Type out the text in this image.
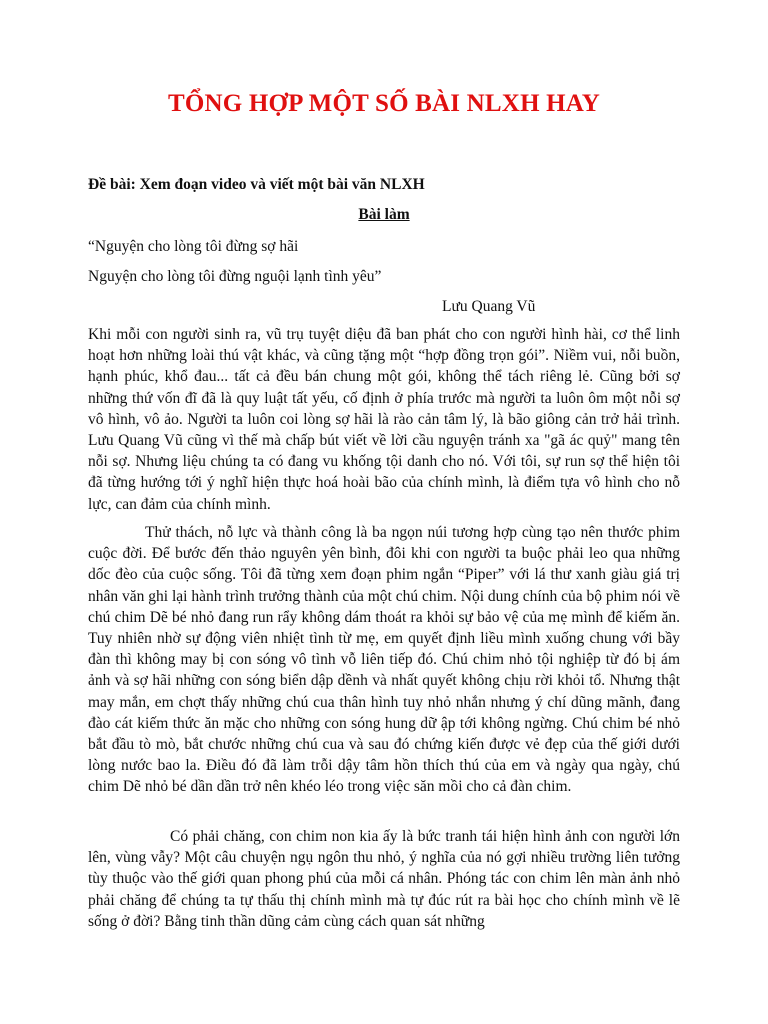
TỔNG HỢP MỘT SỐ BÀI NLXH HAY
Đề bài: Xem đoạn video và viết một bài văn NLXH
Bài làm
“Nguyện cho lòng tôi đừng sợ hãi
Nguyện cho lòng tôi đừng nguội lạnh tình yêu”
Lưu Quang Vũ

Khi mỗi con người sinh ra, vũ trụ tuyệt diệu đã ban phát cho con người hình hài, cơ thể linh hoạt hơn những loài thú vật khác, và cũng tặng một “hợp đồng trọn gói”. Niềm vui, nỗi buồn, hạnh phúc, khổ đau... tất cả đều bán chung một gói, không thể tách riêng lẻ. Cũng bởi sợ những thứ vốn đĩ đã là quy luật tất yếu, cố định ở phía trước mà người ta luôn ôm một nỗi sợ vô hình, vô ảo. Người ta luôn coi lòng sợ hãi là rào cản tâm lý, là bão giông cản trở hải trình. Lưu Quang Vũ cũng vì thế mà chấp bút viết về lời cầu nguyện tránh xa "gã ác quỷ" mang tên nỗi sợ. Nhưng liệu chúng ta có đang vu khống tội danh cho nó. Với tôi, sự run sợ thể hiện tôi đã từng hướng tới ý nghĩ hiện thực hoá hoài bão của chính mình, là điểm tựa vô hình cho nỗ lực, can đảm của chính mình.

Thử thách, nỗ lực và thành công là ba ngọn núi tương hợp cùng tạo nên thước phim cuộc đời. Để bước đến thảo nguyên yên bình, đôi khi con người ta buộc phải leo qua những dốc đèo của cuộc sống. Tôi đã từng xem đoạn phim ngắn “Piper” với lá thư xanh giàu giá trị nhân văn ghi lại hành trình trưởng thành của một chú chim. Nội dung chính của bộ phim nói về chú chim Dẽ bé nhỏ đang run rẩy không dám thoát ra khỏi sự bảo vệ của mẹ mình để kiếm ăn. Tuy nhiên nhờ sự động viên nhiệt tình từ mẹ, em quyết định liều mình xuống chung với bầy đàn thì không may bị con sóng vô tình vỗ liên tiếp đó. Chú chim nhỏ tội nghiệp từ đó bị ám ảnh và sợ hãi những con sóng biển dập dềnh và nhất quyết không chịu rời khỏi tổ. Nhưng thật may mắn, em chợt thấy những chú cua thân hình tuy nhỏ nhắn nhưng ý chí dũng mãnh, đang đào cát kiếm thức ăn mặc cho những con sóng hung dữ ập tới không ngừng. Chú chim bé nhỏ bắt đầu tò mò, bắt chước những chú cua và sau đó chứng kiến được vẻ đẹp của thế giới dưới lòng nước bao la. Điều đó đã làm trỗi dậy tâm hồn thích thú của em và ngày qua ngày, chú chim Dẽ nhỏ bé dần dần trở nên khéo léo trong việc săn mồi cho cả đàn chim.

Có phải chăng, con chim non kia ấy là bức tranh tái hiện hình ảnh con người lớn lên, vùng vẫy? Một câu chuyện ngụ ngôn thu nhỏ, ý nghĩa của nó gợi nhiều trường liên tưởng tùy thuộc vào thế giới quan phong phú của mỗi cá nhân. Phóng tác con chim lên màn ảnh nhỏ phải chăng để chúng ta tự thấu thị chính mình mà tự đúc rút ra bài học cho chính mình về lẽ sống ở đời? Bằng tinh thần dũng cảm cùng cách quan sát những
